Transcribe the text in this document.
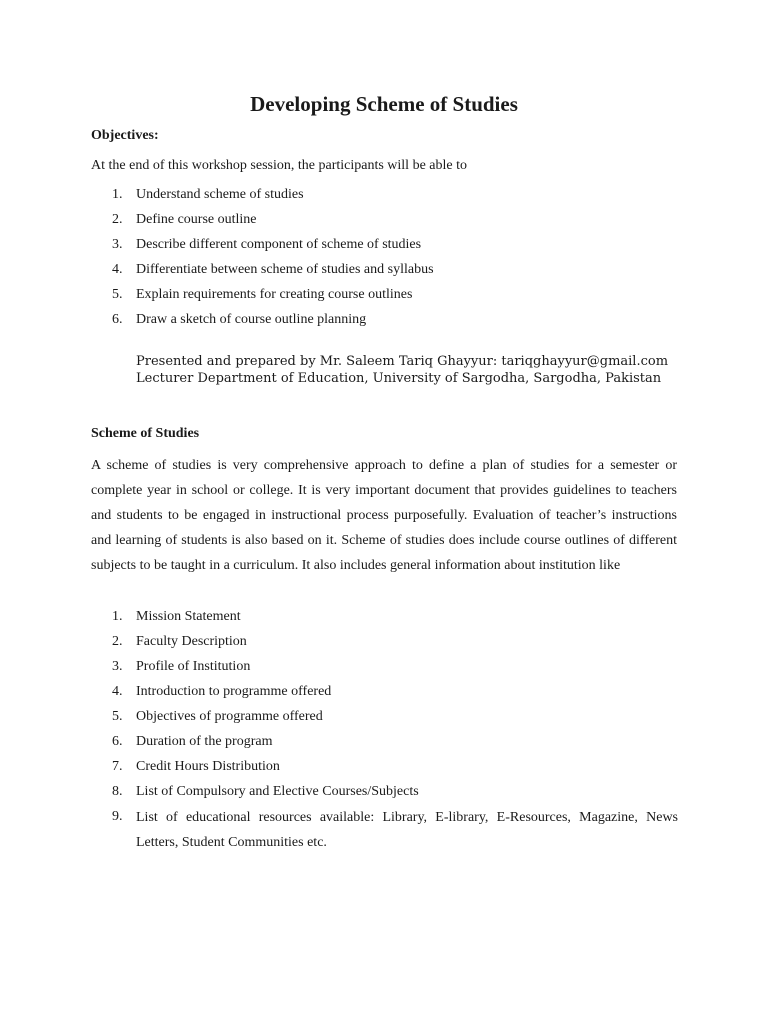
Developing Scheme of Studies
Objectives:
At the end of this workshop session, the participants will be able to
1. Understand scheme of studies
2. Define course outline
3. Describe different component of scheme of studies
4. Differentiate between scheme of studies and syllabus
5. Explain requirements for creating course outlines
6. Draw a sketch of course outline planning
Presented and prepared by Mr. Saleem Tariq Ghayyur: tariqghayyur@gmail.com
Lecturer Department of Education, University of Sargodha, Sargodha, Pakistan
Scheme of Studies
A scheme of studies is very comprehensive approach to define a plan of studies for a semester or complete year in school or college. It is very important document that provides guidelines to teachers and students to be engaged in instructional process purposefully. Evaluation of teacher’s instructions and learning of students is also based on it. Scheme of studies does include course outlines of different subjects to be taught in a curriculum. It also includes general information about institution like
1. Mission Statement
2. Faculty Description
3. Profile of Institution
4. Introduction to programme offered
5. Objectives of programme offered
6. Duration of the program
7. Credit Hours Distribution
8. List of Compulsory and Elective Courses/Subjects
9. List of educational resources available: Library, E-library, E-Resources, Magazine, News Letters, Student Communities etc.
